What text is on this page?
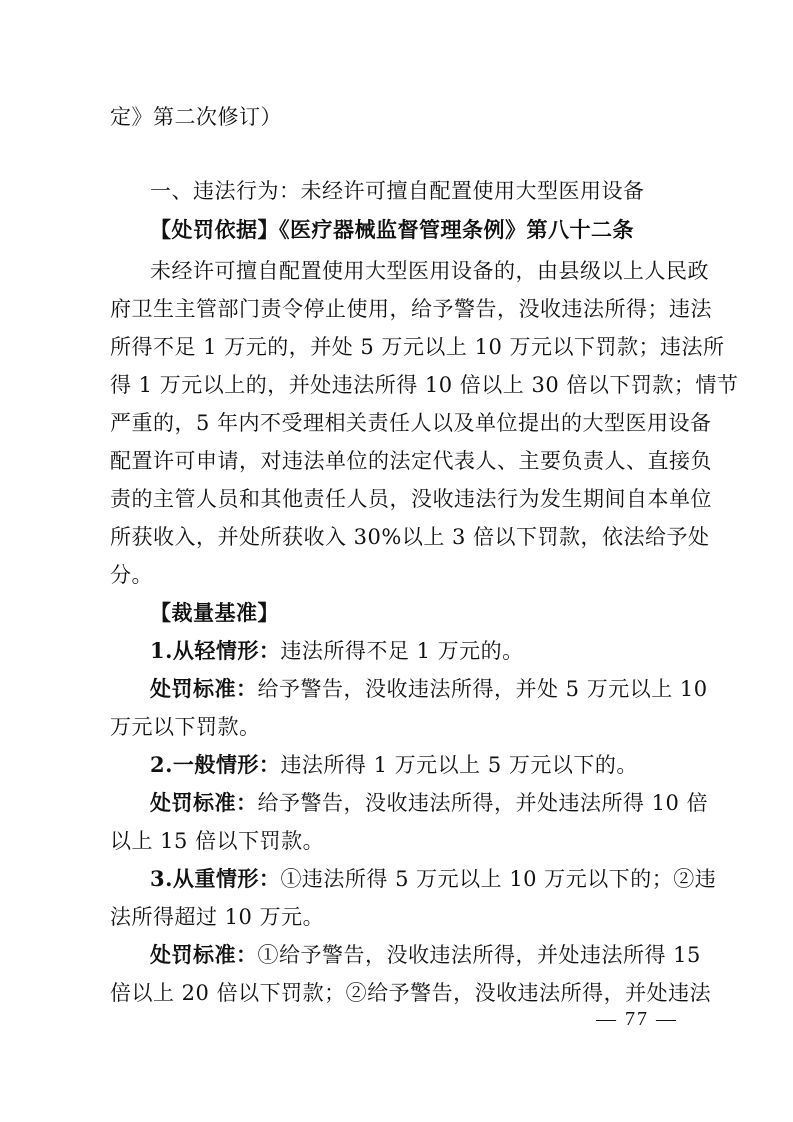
定》第二次修订）
一、违法行为：未经许可擅自配置使用大型医用设备
【处罚依据】《医疗器械监督管理条例》第八十二条
未经许可擅自配置使用大型医用设备的，由县级以上人民政
府卫生主管部门责令停止使用，给予警告，没收违法所得；违法
所得不足 1 万元的，并处 5 万元以上 10 万元以下罚款；违法所
得 1 万元以上的，并处违法所得 10 倍以上 30 倍以下罚款；情节
严重的，5 年内不受理相关责任人以及单位提出的大型医用设备
配置许可申请，对违法单位的法定代表人、主要负责人、直接负
责的主管人员和其他责任人员，没收违法行为发生期间自本单位
所获收入，并处所获收入 30%以上 3 倍以下罚款，依法给予处
分。
【裁量基准】
1.从轻情形：违法所得不足 1 万元的。
处罚标准：给予警告，没收违法所得，并处 5 万元以上 10
万元以下罚款。
2.一般情形：违法所得 1 万元以上 5 万元以下的。
处罚标准：给予警告，没收违法所得，并处违法所得 10 倍
以上 15 倍以下罚款。
3.从重情形：①违法所得 5 万元以上 10 万元以下的；②违
法所得超过 10 万元。
处罚标准：①给予警告，没收违法所得，并处违法所得 15
倍以上 20 倍以下罚款；②给予警告，没收违法所得，并处违法
— 77 —
